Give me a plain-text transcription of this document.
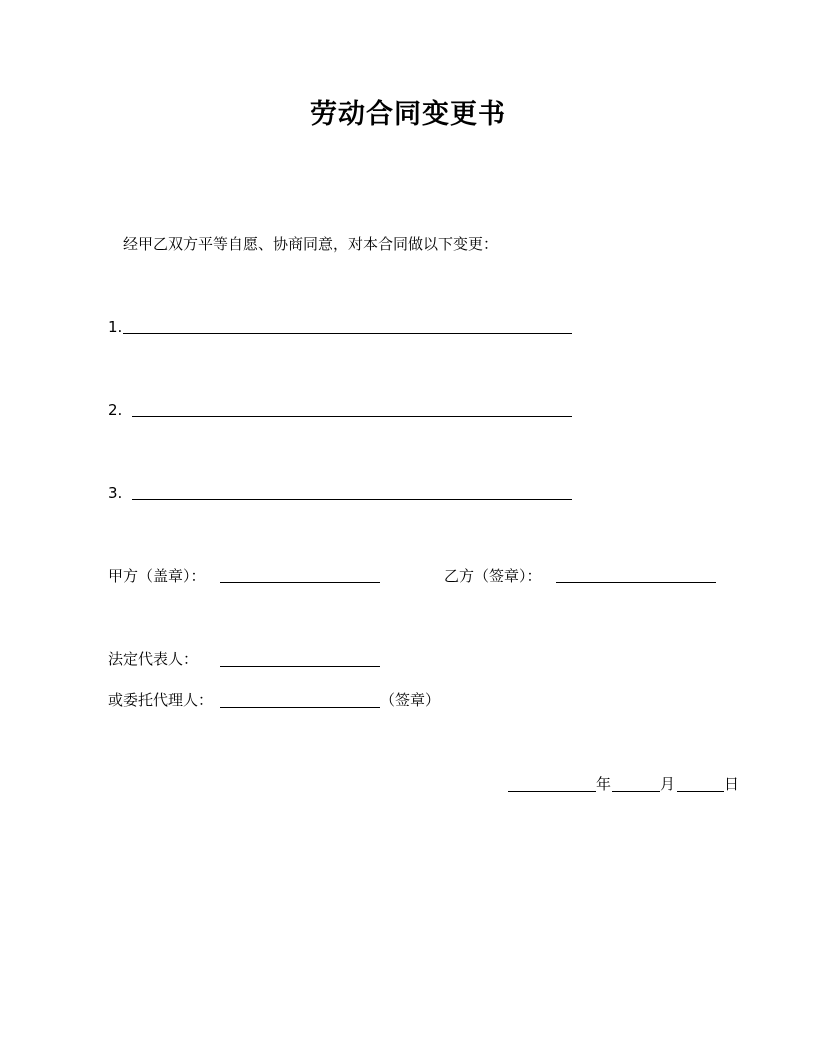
劳动合同变更书
经甲乙双方平等自愿、协商同意，对本合同做以下变更：
1.
2.
3.
甲方（盖章）：	乙方（签章）：
法定代表人：
或委托代理人：	（签章）
年	月	日
